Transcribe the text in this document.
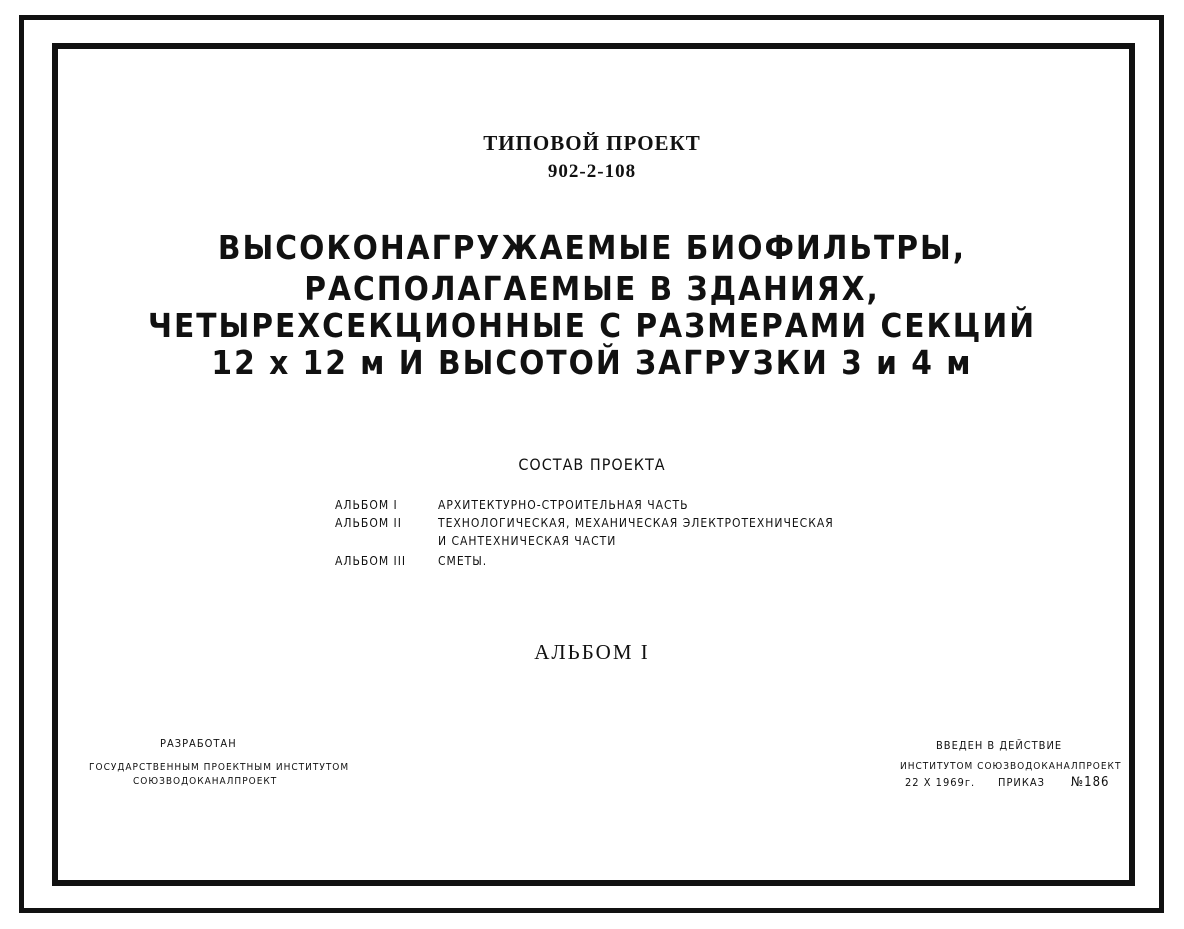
ТИПОВОЙ ПРОЕКТ
902-2-108
ВЫСОКОНАГРУЖАЕМЫЕ БИОФИЛЬТРЫ,
РАСПОЛАГАЕМЫЕ В ЗДАНИЯХ,
ЧЕТЫРЕХСЕКЦИОННЫЕ С РАЗМЕРАМИ СЕКЦИЙ
12 х 12 м И ВЫСОТОЙ ЗАГРУЗКИ 3 и 4 м
СОСТАВ ПРОЕКТА
АЛЬБОМ I	АРХИТЕКТУРНО-СТРОИТЕЛЬНАЯ ЧАСТЬ
АЛЬБОМ II	ТЕХНОЛОГИЧЕСКАЯ, МЕХАНИЧЕСКАЯ ЭЛЕКТРОТЕХНИЧЕСКАЯ
И САНТЕХНИЧЕСКАЯ ЧАСТИ
АЛЬБОМ III	СМЕТЫ.
АЛЬБОМ I
РАЗРАБОТАН
ГОСУДАРСТВЕННЫМ ПРОЕКТНЫМ ИНСТИТУТОМ
СОЮЗВОДОКАНАЛПРОЕКТ
ВВЕДЕН В ДЕЙСТВИЕ
ИНСТИТУТОМ СОЮЗВОДОКАНАЛПРОЕКТ
22 X 1969г. ПРИКАЗ №186
